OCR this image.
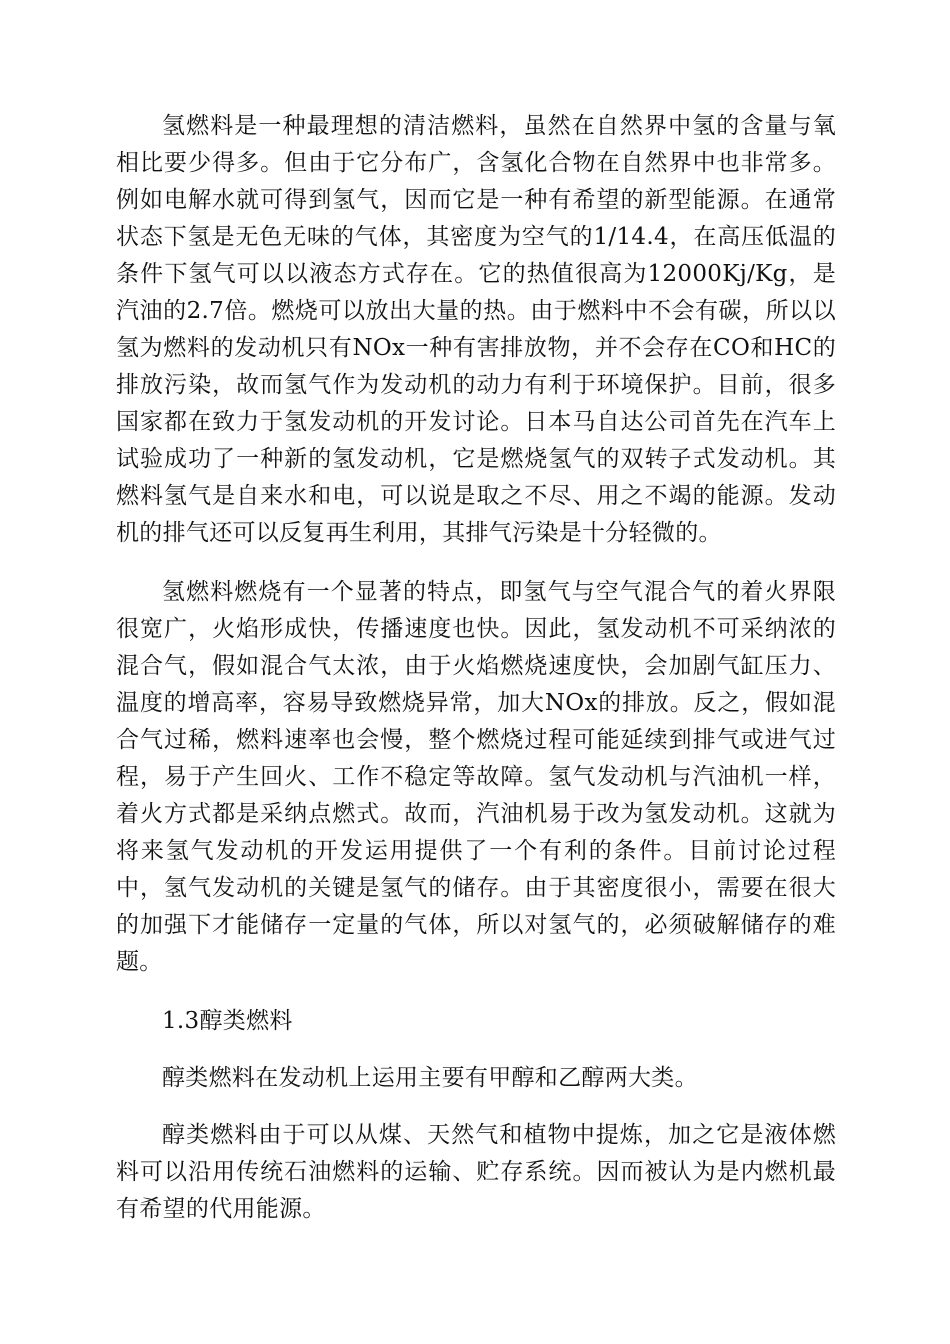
氢燃料是一种最理想的清洁燃料，虽然在自然界中氢的含量与氧相比要少得多。但由于它分布广，含氢化合物在自然界中也非常多。例如电解水就可得到氢气，因而它是一种有希望的新型能源。在通常状态下氢是无色无味的气体，其密度为空气的1/14.4，在高压低温的条件下氢气可以以液态方式存在。它的热值很高为12000Kj/Kg，是汽油的2.7倍。燃烧可以放出大量的热。由于燃料中不会有碳，所以以氢为燃料的发动机只有NOx一种有害排放物，并不会存在CO和HC的排放污染，故而氢气作为发动机的动力有利于环境保护。目前，很多国家都在致力于氢发动机的开发讨论。日本马自达公司首先在汽车上试验成功了一种新的氢发动机，它是燃烧氢气的双转子式发动机。其燃料氢气是自来水和电，可以说是取之不尽、用之不竭的能源。发动机的排气还可以反复再生利用，其排气污染是十分轻微的。

氢燃料燃烧有一个显著的特点，即氢气与空气混合气的着火界限很宽广，火焰形成快，传播速度也快。因此，氢发动机不可采纳浓的混合气，假如混合气太浓，由于火焰燃烧速度快，会加剧气缸压力、温度的增高率，容易导致燃烧异常，加大NOx的排放。反之，假如混合气过稀，燃料速率也会慢，整个燃烧过程可能延续到排气或进气过程，易于产生回火、工作不稳定等故障。氢气发动机与汽油机一样，着火方式都是采纳点燃式。故而，汽油机易于改为氢发动机。这就为将来氢气发动机的开发运用提供了一个有利的条件。目前讨论过程中，氢气发动机的关键是氢气的储存。由于其密度很小，需要在很大的加强下才能储存一定量的气体，所以对氢气的，必须破解储存的难题。

1.3醇类燃料

醇类燃料在发动机上运用主要有甲醇和乙醇两大类。

醇类燃料由于可以从煤、天然气和植物中提炼，加之它是液体燃料可以沿用传统石油燃料的运输、贮存系统。因而被认为是内燃机最有希望的代用能源。
